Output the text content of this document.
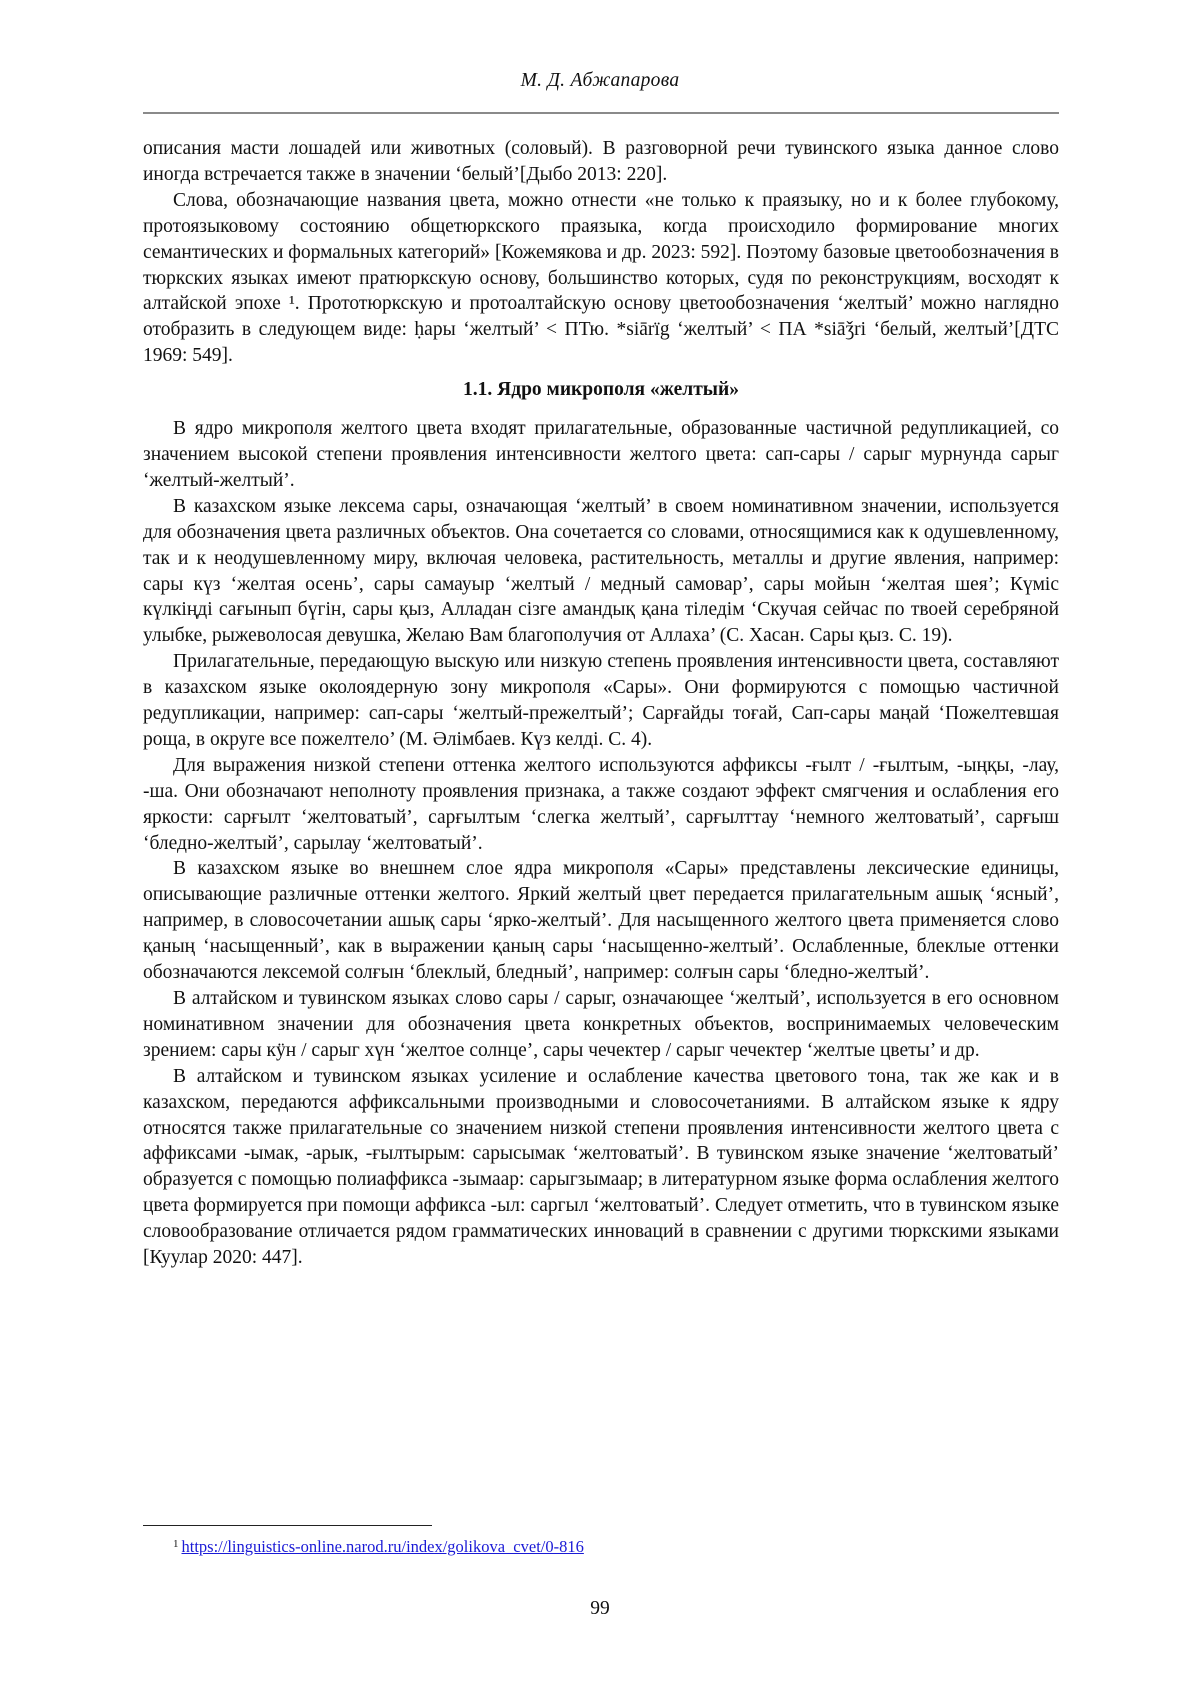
М. Д. Абжапарова

описания масти лошадей или животных (соловый). В разговорной речи тувинского языка данное слово иногда встречается также в значении ‘белый’[Дыбо 2013: 220].

Слова, обозначающие названия цвета, можно отнести «не только к праязыку, но и к более глубокому, протоязыковому состоянию общетюркского праязыка, когда происходило формирование многих семантических и формальных категорий» [Кожемякова и др. 2023: 592]. Поэтому базовые цветообозначения в тюркских языках имеют пратюркскую основу, большинство которых, судя по реконструкциям, восходят к алтайской эпохе ¹. Прототюркскую и протоалтайскую основу цветообозначения ‘желтый’ можно наглядно отобразить в следующем виде: ḥары ‘желтый’ < ПТю. *siārïg ‘желтый’ < ПА *siāǯri ‘белый, желтый’[ДТС 1969: 549].

1.1. Ядро микрополя «желтый»

В ядро микрополя желтого цвета входят прилагательные, образованные частичной редупликацией, со значением высокой степени проявления интенсивности желтого цвета: сап-сары / сарыг мурнунда сарыг ‘желтый-желтый’.

В казахском языке лексема сары, означающая ‘желтый’ в своем номинативном значении, используется для обозначения цвета различных объектов. Она сочетается со словами, относящимися как к одушевленному, так и к неодушевленному миру, включая человека, растительность, металлы и другие явления, например: сары күз ‘желтая осень’, сары самауыр ‘желтый / медный самовар’, сары мойын ‘желтая шея’; Күміс күлкіңді сағынып бүгін, сары қыз, Алладан сізге амандық қана тіледім ‘Скучая сейчас по твоей серебряной улыбке, рыжеволосая девушка, Желаю Вам благополучия от Аллаха’ (С. Хасан. Сары қыз. С. 19).

Прилагательные, передающую выскую или низкую степень проявления интенсивности цвета, составляют в казахском языке околоядерную зону микрополя «Сары». Они формируются с помощью частичной редупликации, например: сап-сары ‘желтый-прежелтый’; Сарғайды тоғай, Сап-сары маңай ‘Пожелтевшая роща, в округе все пожелтело’ (М. Әлімбаев. Күз келді. С. 4).

Для выражения низкой степени оттенка желтого используются аффиксы -ғылт / -ғылтым, -ыңқы, -лау, -ша. Они обозначают неполноту проявления признака, а также создают эффект смягчения и ослабления его яркости: сарғылт ‘желтоватый’, сарғылтым ‘слегка желтый’, сарғылттау ‘немного желтоватый’, сарғыш ‘бледно-желтый’, сарылау ‘желтоватый’.

В казахском языке во внешнем слое ядра микрополя «Сары» представлены лексические единицы, описывающие различные оттенки желтого. Яркий желтый цвет передается прилагательным ашық ‘ясный’, например, в словосочетании ашық сары ‘ярко-желтый’. Для насыщенного желтого цвета применяется слово қаның ‘насыщенный’, как в выражении қаның сары ‘насыщенно-желтый’. Ослабленные, блеклые оттенки обозначаются лексемой солғын ‘блеклый, бледный’, например: солғын сары ‘бледно-желтый’.

В алтайском и тувинском языках слово сары / сарыг, означающее ‘желтый’, используется в его основном номинативном значении для обозначения цвета конкретных объектов, воспринимаемых человеческим зрением: сары кӱн / сарыг хүн ‘желтое солнце’, сары чечектер / сарыг чечектер ‘желтые цветы’ и др.

В алтайском и тувинском языках усиление и ослабление качества цветового тона, так же как и в казахском, передаются аффиксальными производными и словосочетаниями. В алтайском языке к ядру относятся также прилагательные со значением низкой степени проявления интенсивности желтого цвета с аффиксами -ымак, -арык, -ғылтырым: сарысымак ‘желтоватый’. В тувинском языке значение ‘желтоватый’ образуется с помощью полиаффикса -зымаар: сарыгзымаар; в литературном языке форма ослабления желтого цвета формируется при помощи аффикса -ыл: саргыл ‘желтоватый’. Следует отметить, что в тувинском языке словообразование отличается рядом грамматических инноваций в сравнении с другими тюркскими языками [Куулар 2020: 447].

$^1$ https://linguistics-online.narod.ru/index/golikova_cvet/0-816
99
